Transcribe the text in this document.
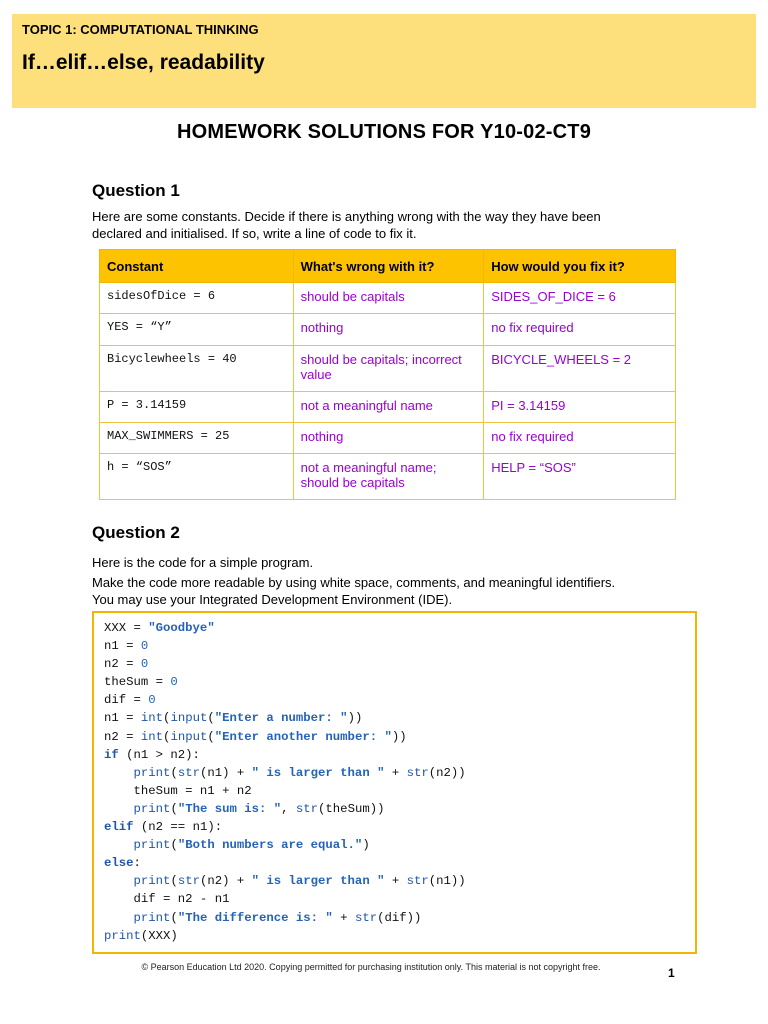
TOPIC 1: COMPUTATIONAL THINKING
If…elif…else, readability
HOMEWORK SOLUTIONS FOR Y10-02-CT9
Question 1
Here are some constants. Decide if there is anything wrong with the way they have been
declared and initialised. If so, write a line of code to fix it.
Constant	What's wrong with it?	How would you fix it?
sidesOfDice = 6	should be capitals	SIDES_OF_DICE = 6
YES = “Y”	nothing	no fix required
Bicyclewheels = 40	should be capitals; incorrect value	BICYCLE_WHEELS = 2
P = 3.14159	not a meaningful name	PI = 3.14159
MAX_SWIMMERS = 25	nothing	no fix required
h = “SOS”	not a meaningful name; should be capitals	HELP = “SOS”
Question 2
Here is the code for a simple program.
Make the code more readable by using white space, comments, and meaningful identifiers.
You may use your Integrated Development Environment (IDE).
XXX = "Goodbye"
n1 = 0
n2 = 0
theSum = 0
dif = 0
n1 = int(input("Enter a number: "))
n2 = int(input("Enter another number: "))
if (n1 > n2):
print(str(n1) + " is larger than " + str(n2))
theSum = n1 + n2
print("The sum is: ", str(theSum))
elif (n2 == n1):
print("Both numbers are equal.")
else:
print(str(n2) + " is larger than " + str(n1))
dif = n2 - n1
print("The difference is: " + str(dif))
print(XXX)
© Pearson Education Ltd 2020. Copying permitted for purchasing institution only. This material is not copyright free.	1
